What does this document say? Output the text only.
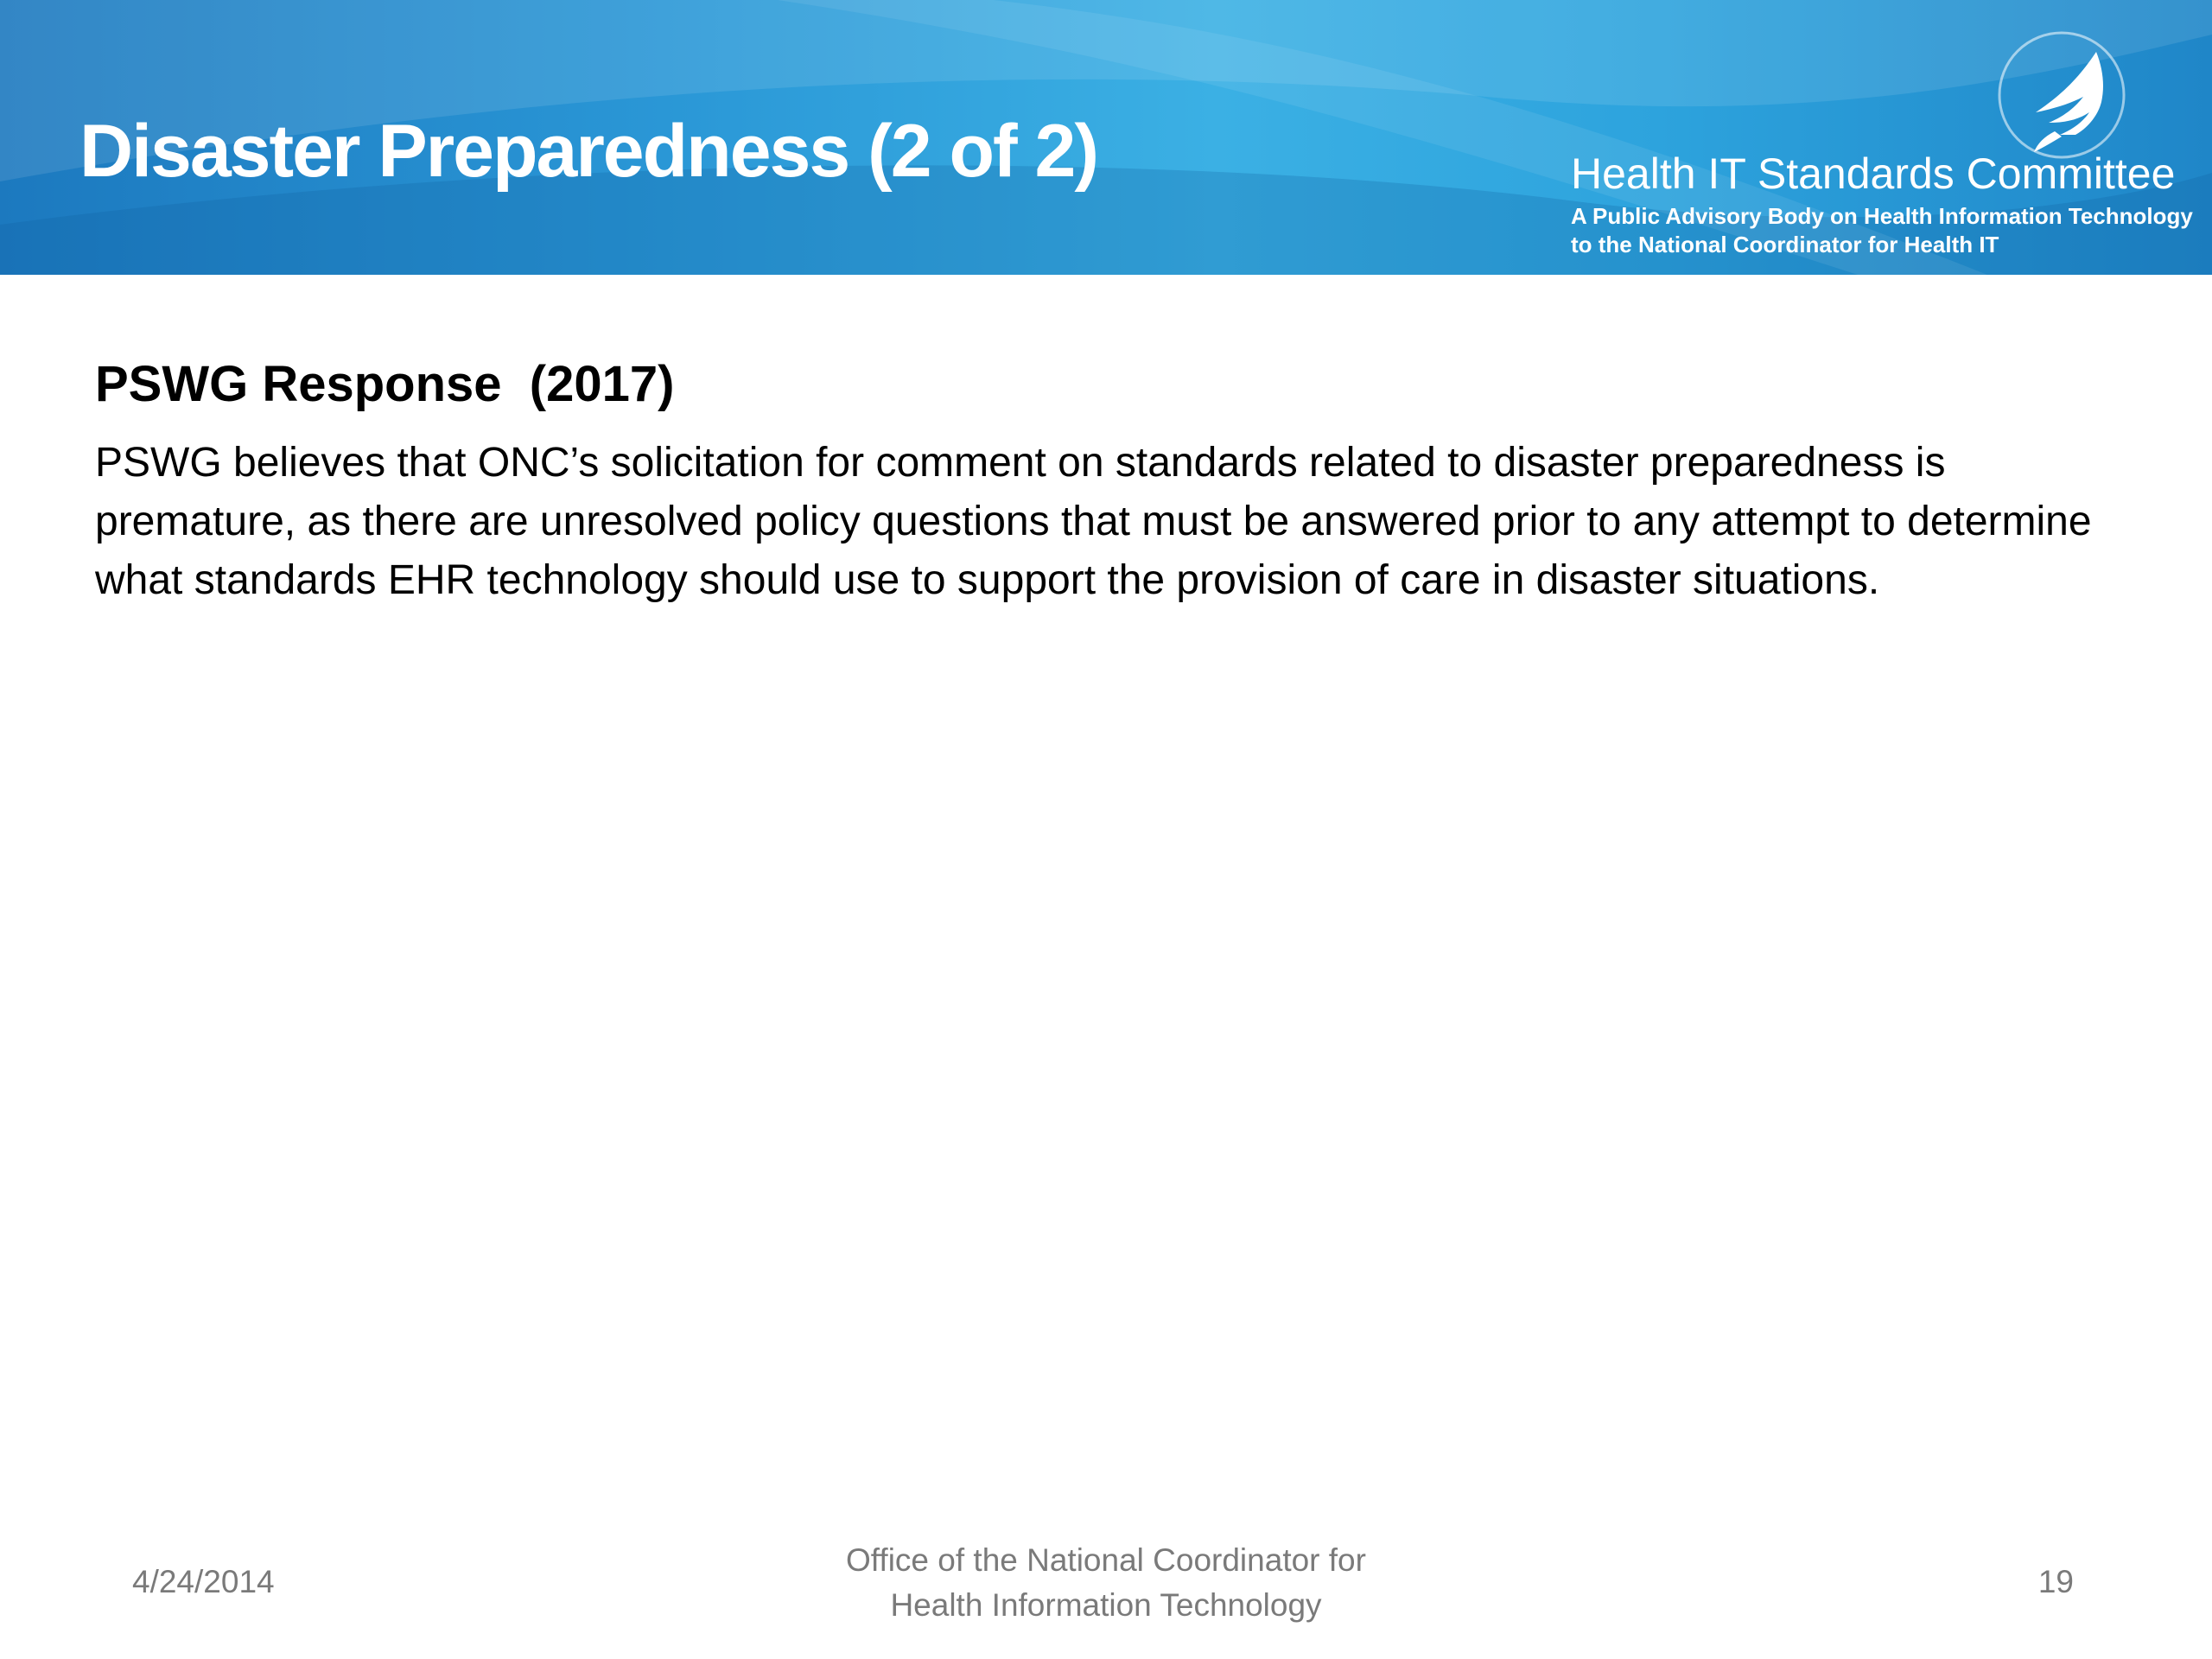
Disaster Preparedness (2 of 2)	Health IT Standards Committee
A Public Advisory Body on Health Information Technology
to the National Coordinator for Health IT
PSWG Response  (2017)

PSWG believes that ONC’s solicitation for comment on standards related to disaster preparedness is premature, as there are unresolved policy questions that must be answered prior to any attempt to determine what standards EHR technology should use to support the provision of care in disaster situations.

4/24/2014
Office of the National Coordinator for
Health Information Technology
19
